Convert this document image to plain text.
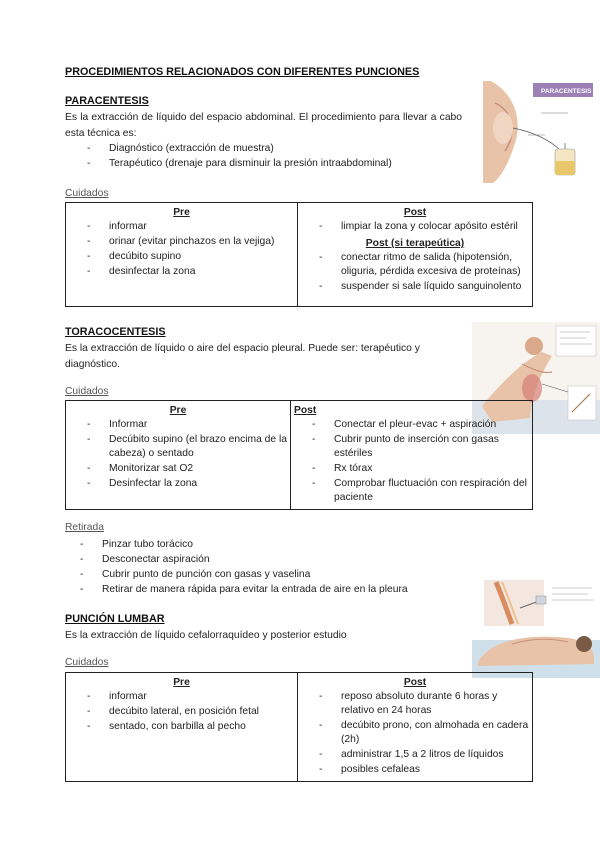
PROCEDIMIENTOS RELACIONADOS CON DIFERENTES PUNCIONES
PARACENTESIS
Es la extracción de líquido del espacio abdominal. El procedimiento para llevar a cabo esta técnica es:
- Diagnóstico (extracción de muestra)
- Terapéutico (drenaje para disminuir la presión intraabdominal)
PARACENTESIS
Cuidados
Pre
- informar
- orinar (evitar pinchazos en la vejiga)
- decúbito supino
- desinfectar la zona

Post
- limpiar la zona y colocar apósito estéril
Post (si terapeútica)
- conectar ritmo de salida (hipotensión, oliguria, pérdida excesiva de proteínas)
- suspender si sale líquido sanguinolento
TORACOCENTESIS
Es la extracción de líquido o aire del espacio pleural. Puede ser: terapéutico y diagnóstico.
Cuidados
Pre
- Informar
- Decúbito supino (el brazo encima de la cabeza) o sentado
- Monitorizar sat O2
- Desinfectar la zona

Post
- Conectar el pleur-evac + aspiración
- Cubrir punto de inserción con gasas estériles
- Rx tórax
- Comprobar fluctuación con respiración del paciente
Retirada
- Pinzar tubo torácico
- Desconectar aspiración
- Cubrir punto de punción con gasas y vaselina
- Retirar de manera rápida para evitar la entrada de aire en la pleura
PUNCIÓN LUMBAR
Es la extracción de líquido cefalorraquídeo y posterior estudio
Cuidados
Pre
- informar
- decúbito lateral, en posición fetal
- sentado, con barbilla al pecho

Post
- reposo absoluto durante 6 horas y relativo en 24 horas
- decúbito prono, con almohada en cadera (2h)
- administrar 1,5 a 2 litros de líquidos
- posibles cefaleas
